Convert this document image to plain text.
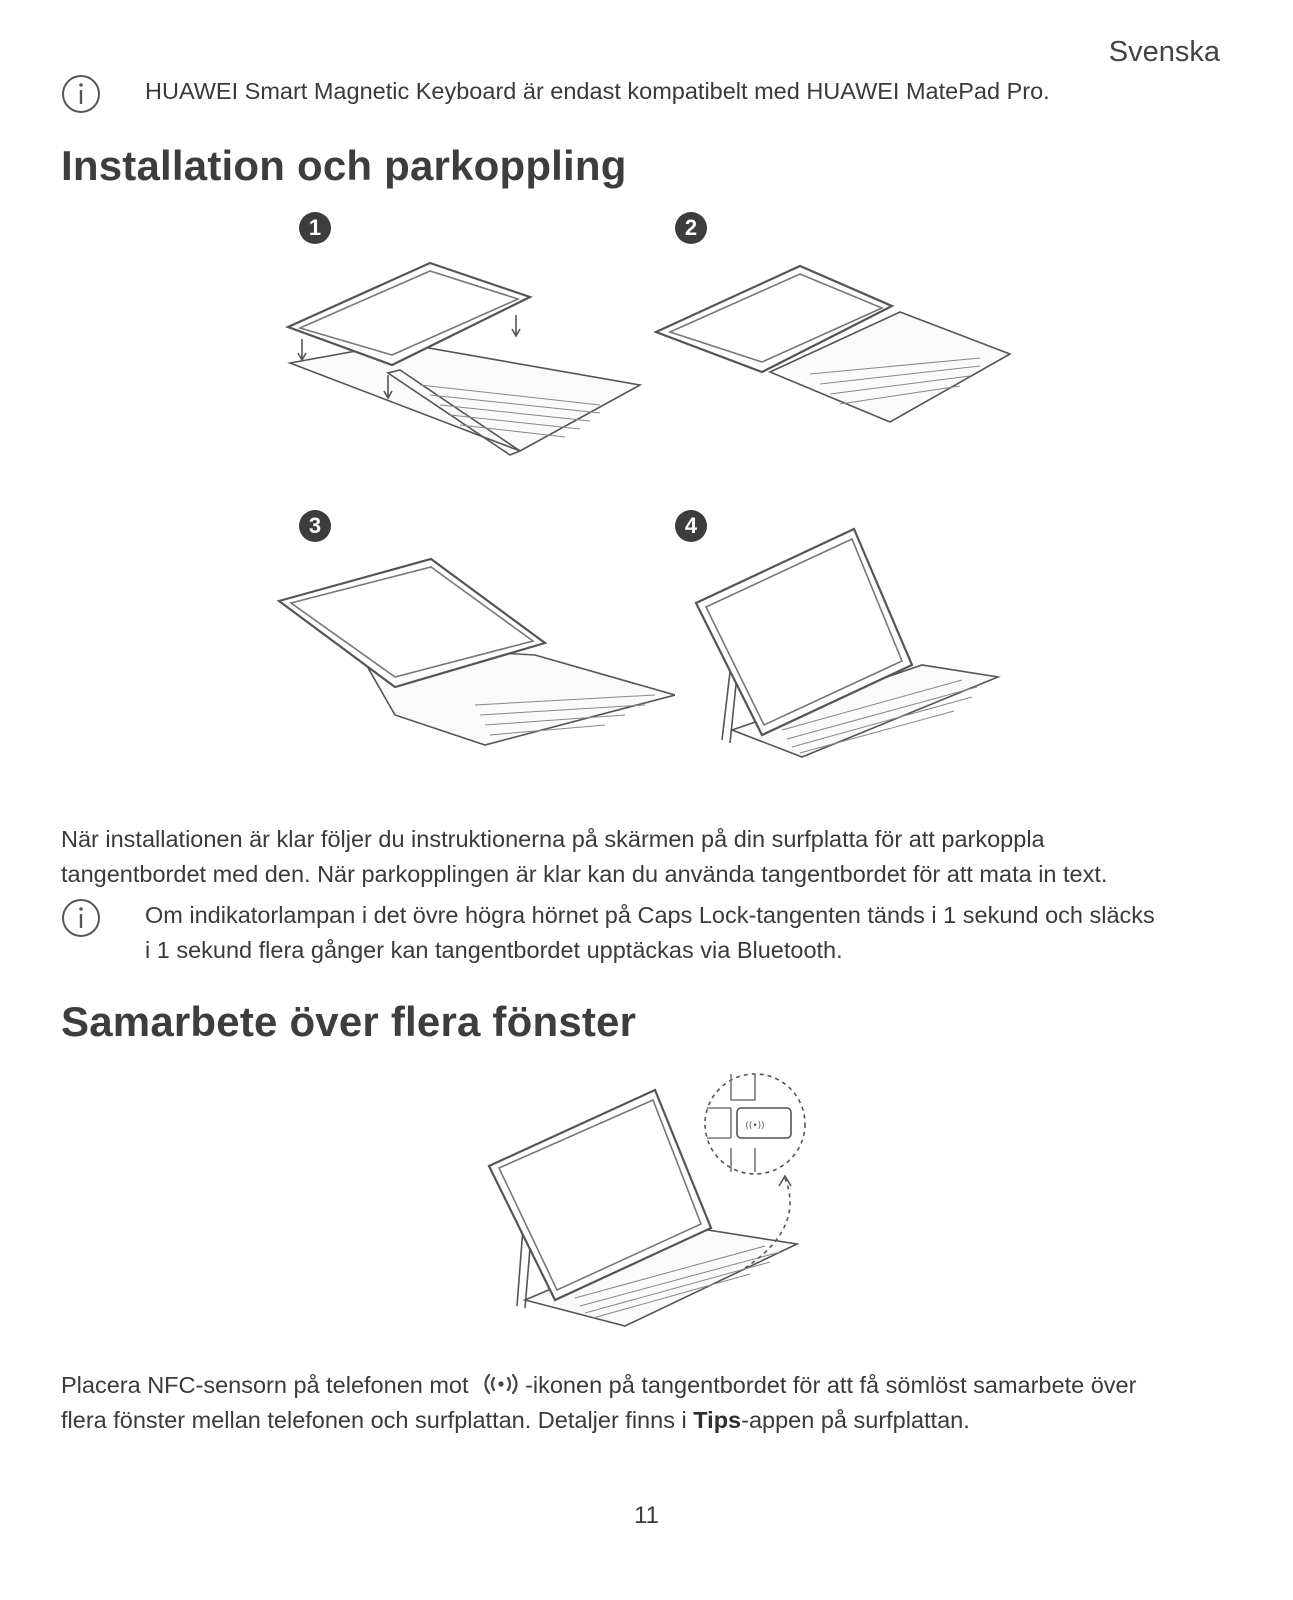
Svenska
HUAWEI Smart Magnetic Keyboard är endast kompatibelt med HUAWEI MatePad Pro.
Installation och parkoppling
1	2
3	4
När installationen är klar följer du instruktionerna på skärmen på din surfplatta för att parkoppla
tangentbordet med den. När parkopplingen är klar kan du använda tangentbordet för att mata in text.
Om indikatorlampan i det övre högra hörnet på Caps Lock-tangenten tänds i 1 sekund och släcks
i 1 sekund flera gånger kan tangentbordet upptäckas via Bluetooth.
Samarbete över flera fönster
((•))
Placera NFC-sensorn på telefonen mot -ikonen på tangentbordet för att få sömlöst samarbete över
flera fönster mellan telefonen och surfplattan. Detaljer finns i Tips-appen på surfplattan.
11
